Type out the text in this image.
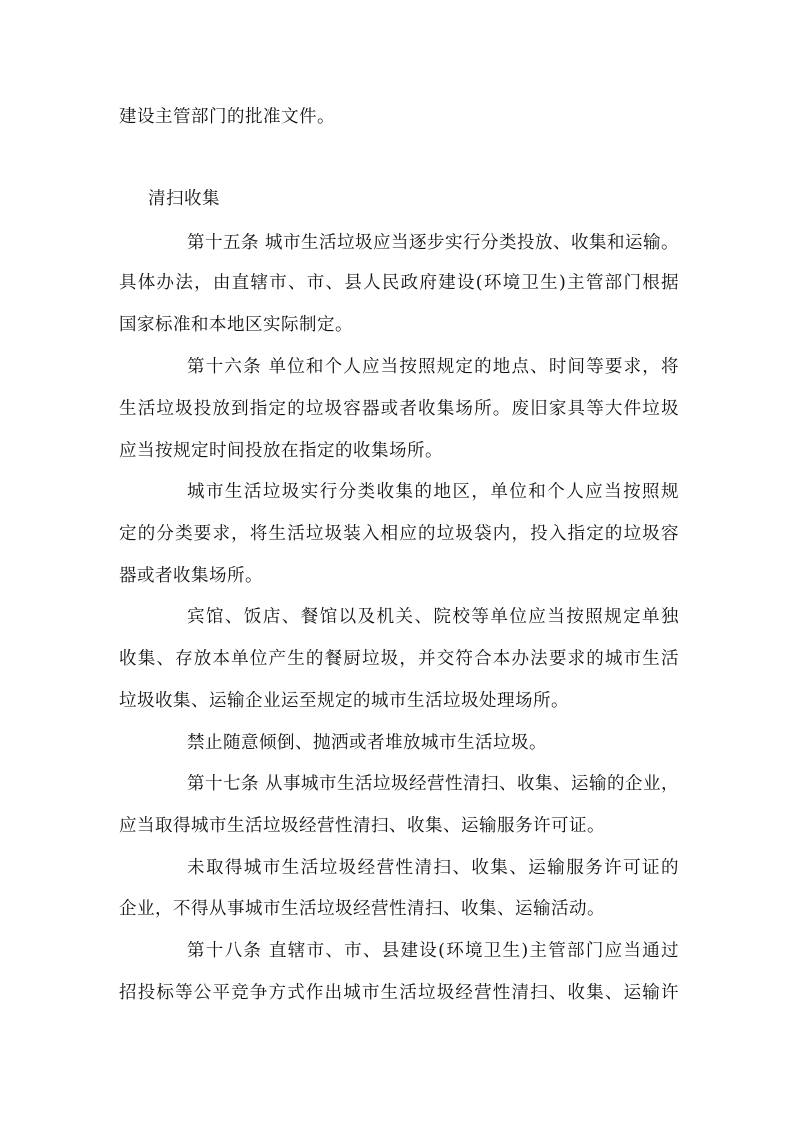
建设主管部门的批准文件。
清扫收集
第十五条 城市生活垃圾应当逐步实行分类投放、收集和运输。
具体办法，由直辖市、市、县人民政府建设(环境卫生)主管部门根据
国家标准和本地区实际制定。
第十六条 单位和个人应当按照规定的地点、时间等要求，将
生活垃圾投放到指定的垃圾容器或者收集场所。废旧家具等大件垃圾
应当按规定时间投放在指定的收集场所。
城市生活垃圾实行分类收集的地区，单位和个人应当按照规
定的分类要求，将生活垃圾装入相应的垃圾袋内，投入指定的垃圾容
器或者收集场所。
宾馆、饭店、餐馆以及机关、院校等单位应当按照规定单独
收集、存放本单位产生的餐厨垃圾，并交符合本办法要求的城市生活
垃圾收集、运输企业运至规定的城市生活垃圾处理场所。
禁止随意倾倒、抛洒或者堆放城市生活垃圾。
第十七条 从事城市生活垃圾经营性清扫、收集、运输的企业，
应当取得城市生活垃圾经营性清扫、收集、运输服务许可证。
未取得城市生活垃圾经营性清扫、收集、运输服务许可证的
企业，不得从事城市生活垃圾经营性清扫、收集、运输活动。
第十八条 直辖市、市、县建设(环境卫生)主管部门应当通过
招投标等公平竞争方式作出城市生活垃圾经营性清扫、收集、运输许
